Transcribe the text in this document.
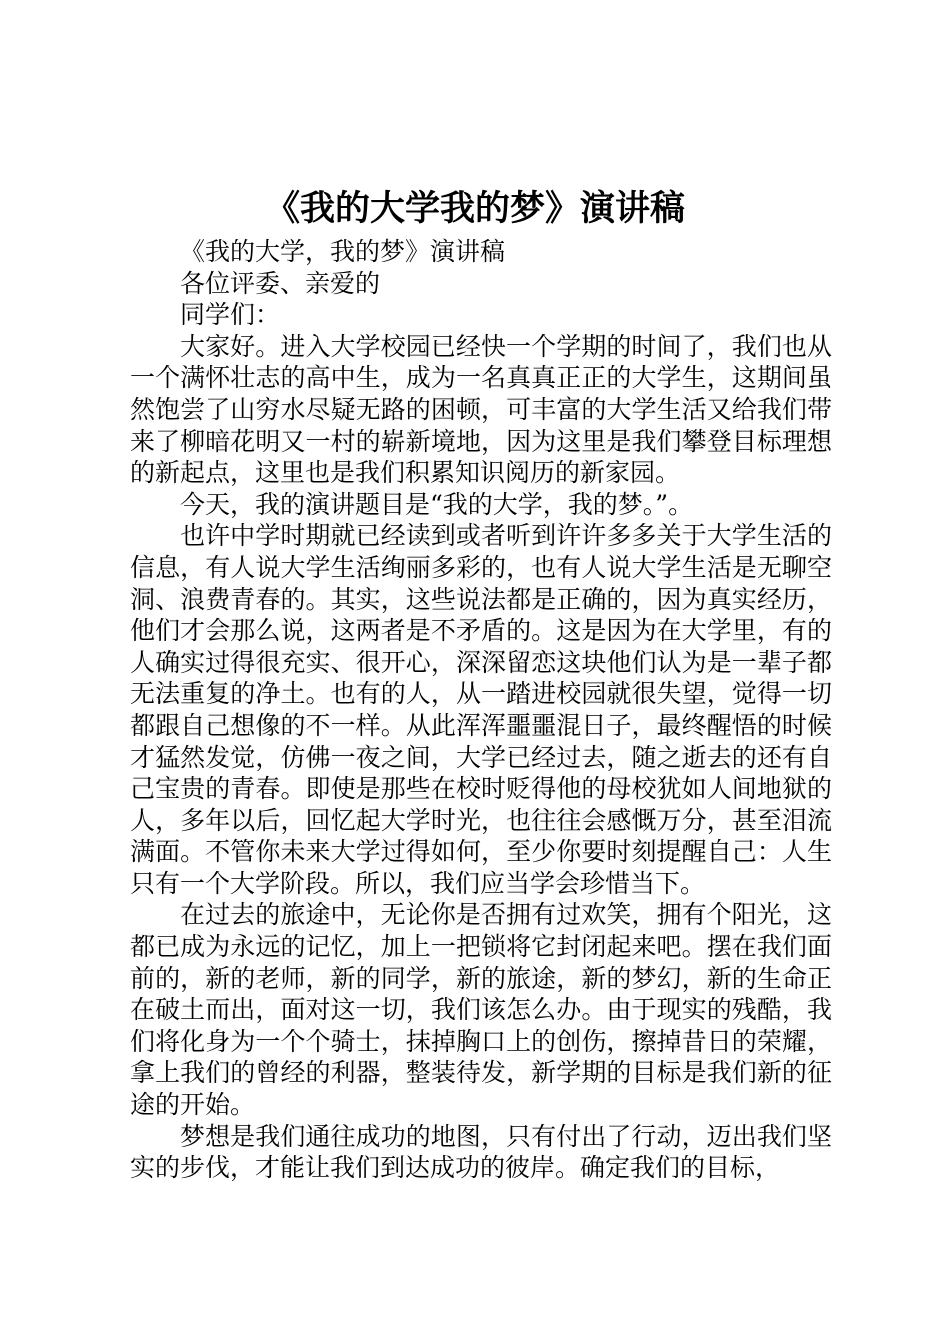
《我的大学我的梦》演讲稿

《我的大学，我的梦》演讲稿

各位评委、亲爱的

同学们：

大家好。进入大学校园已经快一个学期的时间了，我们也从一个满怀壮志的高中生，成为一名真真正正的大学生，这期间虽然饱尝了山穷水尽疑无路的困顿，可丰富的大学生活又给我们带来了柳暗花明又一村的崭新境地，因为这里是我们攀登目标理想的新起点，这里也是我们积累知识阅历的新家园。

今天，我的演讲题目是“我的大学，我的梦。”。

也许中学时期就已经读到或者听到许许多多关于大学生活的信息，有人说大学生活绚丽多彩的，也有人说大学生活是无聊空洞、浪费青春的。其实，这些说法都是正确的，因为真实经历，他们才会那么说，这两者是不矛盾的。这是因为在大学里，有的人确实过得很充实、很开心，深深留恋这块他们认为是一辈子都无法重复的净土。也有的人，从一踏进校园就很失望，觉得一切都跟自己想像的不一样。从此浑浑噩噩混日子，最终醒悟的时候才猛然发觉，仿佛一夜之间，大学已经过去，随之逝去的还有自己宝贵的青春。即使是那些在校时贬得他的母校犹如人间地狱的人，多年以后，回忆起大学时光，也往往会感慨万分，甚至泪流满面。不管你未来大学过得如何，至少你要时刻提醒自己：人生只有一个大学阶段。所以，我们应当学会珍惜当下。

在过去的旅途中，无论你是否拥有过欢笑，拥有个阳光，这都已成为永远的记忆，加上一把锁将它封闭起来吧。摆在我们面前的，新的老师，新的同学，新的旅途，新的梦幻，新的生命正在破土而出，面对这一切，我们该怎么办。由于现实的残酷，我们将化身为一个个骑士，抹掉胸口上的创伤，擦掉昔日的荣耀，拿上我们的曾经的利器，整装待发，新学期的目标是我们新的征途的开始。

梦想是我们通往成功的地图，只有付出了行动，迈出我们坚实的步伐，才能让我们到达成功的彼岸。确定我们的目标，
